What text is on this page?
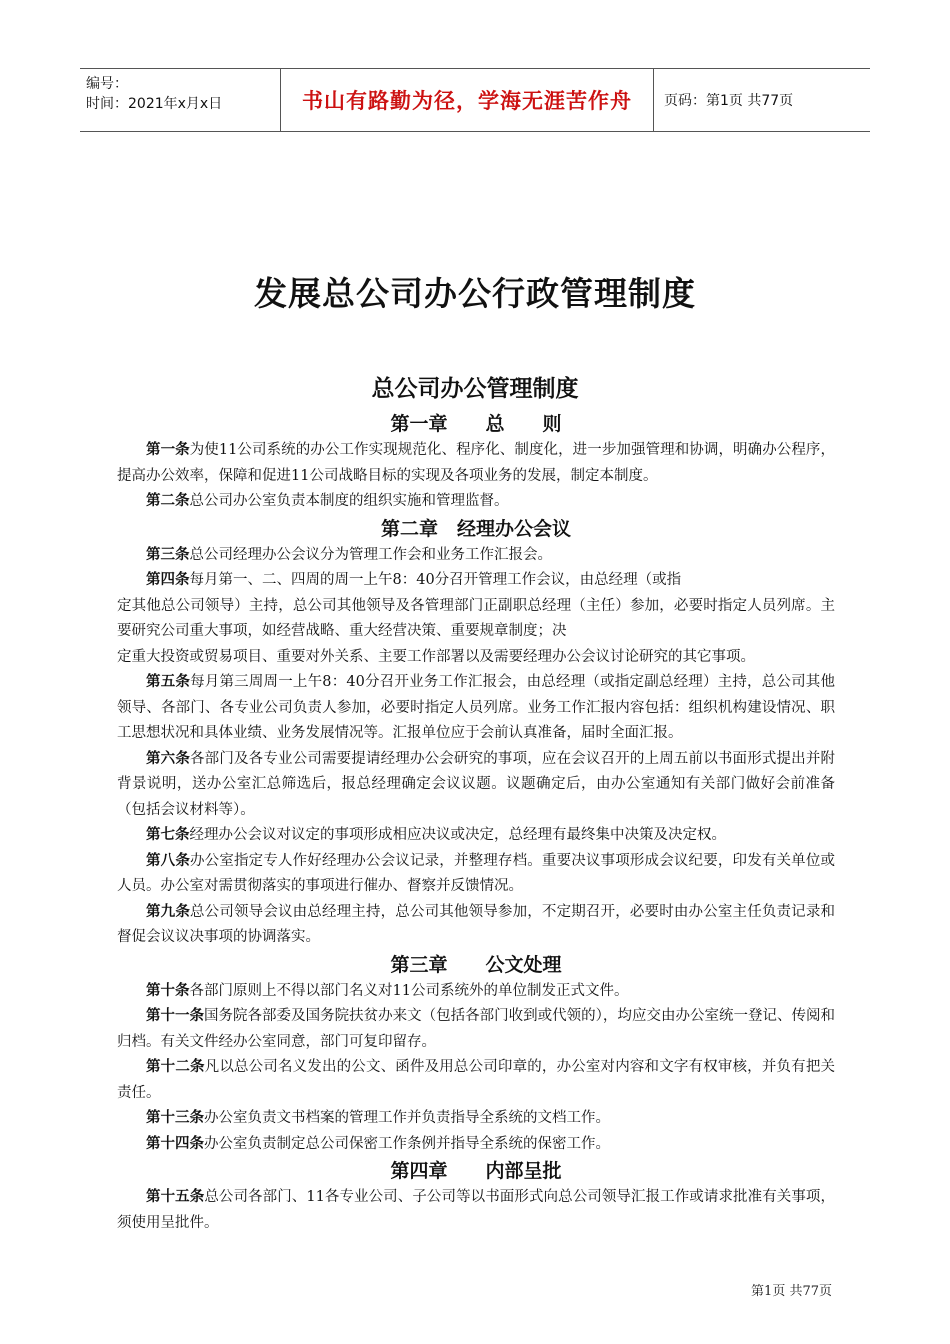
编号：
时间：2021年x月x日	书山有路勤为径，学海无涯苦作舟	页码：第1页 共77页
发展总公司办公行政管理制度
总公司办公管理制度
第一章　　总　　则

第一条为使11公司系统的办公工作实现规范化、程序化、制度化，进一步加强管理和协调，明确办公程序，提高办公效率，保障和促进11公司战略目标的实现及各项业务的发展，制定本制度。

第二条总公司办公室负责本制度的组织实施和管理监督。

第二章　经理办公会议

第三条总公司经理办公会议分为管理工作会和业务工作汇报会。

第四条每月第一、二、四周的周一上午8：40分召开管理工作会议，由总经理（或指

定其他总公司领导）主持，总公司其他领导及各管理部门正副职总经理（主任）参加，必要时指定人员列席。主要研究公司重大事项，如经营战略、重大经营决策、重要规章制度；决

定重大投资或贸易项目、重要对外关系、主要工作部署以及需要经理办公会议讨论研究的其它事项。

第五条每月第三周周一上午8：40分召开业务工作汇报会，由总经理（或指定副总经理）主持，总公司其他领导、各部门、各专业公司负责人参加，必要时指定人员列席。业务工作汇报内容包括：组织机构建设情况、职工思想状况和具体业绩、业务发展情况等。汇报单位应于会前认真准备，届时全面汇报。

第六条各部门及各专业公司需要提请经理办公会研究的事项，应在会议召开的上周五前以书面形式提出并附背景说明，送办公室汇总筛选后，报总经理确定会议议题。议题确定后，由办公室通知有关部门做好会前准备（包括会议材料等）。

第七条经理办公会议对议定的事项形成相应决议或决定，总经理有最终集中决策及决定权。

第八条办公室指定专人作好经理办公会议记录，并整理存档。重要决议事项形成会议纪要，印发有关单位或人员。办公室对需贯彻落实的事项进行催办、督察并反馈情况。

第九条总公司领导会议由总经理主持，总公司其他领导参加，不定期召开，必要时由办公室主任负责记录和督促会议议决事项的协调落实。

第三章　　公文处理

第十条各部门原则上不得以部门名义对11公司系统外的单位制发正式文件。

第十一条国务院各部委及国务院扶贫办来文（包括各部门收到或代领的），均应交由办公室统一登记、传阅和归档。有关文件经办公室同意，部门可复印留存。

第十二条凡以总公司名义发出的公文、函件及用总公司印章的，办公室对内容和文字有权审核，并负有把关责任。

第十三条办公室负责文书档案的管理工作并负责指导全系统的文档工作。

第十四条办公室负责制定总公司保密工作条例并指导全系统的保密工作。

第四章　　内部呈批

第十五条总公司各部门、11各专业公司、子公司等以书面形式向总公司领导汇报工作或请求批准有关事项，须使用呈批件。

第1页 共77页
